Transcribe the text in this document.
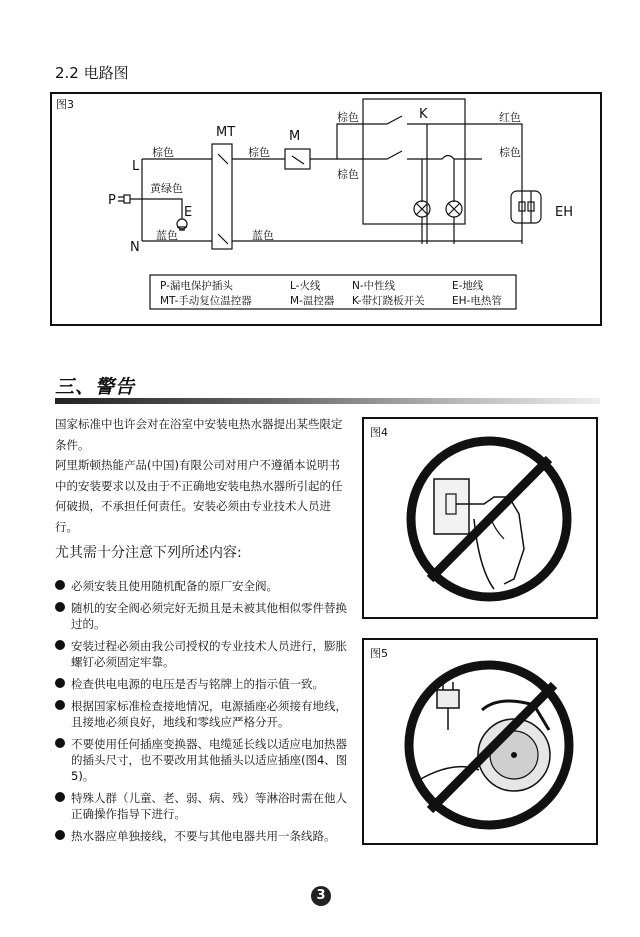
2.2 电路图
图3
MT	M
K
L
P
E
N
EH
棕色	棕色
棕色
棕色
棕色
红色
黄绿色
蓝色	蓝色
P-漏电保护插头	L-火线	N-中性线	E-地线
MT-手动复位温控器	M-温控器 K-带灯跷板开关	EH-电热管
三、警告

国家标准中也许会对在浴室中安装电热水器提出某些限定条件。

阿里斯顿热能产品(中国)有限公司对用户不遵循本说明书中的安装要求以及由于不正确地安装电热水器所引起的任何破损，不承担任何责任。安装必须由专业技术人员进行。

尤其需十分注意下列所述内容:
必须安装且使用随机配备的原厂安全阀。
随机的安全阀必须完好无损且是未被其他相似零件替换过的。
安装过程必须由我公司授权的专业技术人员进行，膨胀螺钉必须固定牢靠。
检查供电电源的电压是否与铭牌上的指示值一致。
根据国家标准检查接地情况，电源插座必须接有地线，且接地必须良好，地线和零线应严格分开。
不要使用任何插座变换器、电缆延长线以适应电加热器的插头尺寸，也不要改用其他插头以适应插座(图4、图5)。
特殊人群（儿童、老、弱、病、残）等淋浴时需在他人正确操作指导下进行。
热水器应单独接线，不要与其他电器共用一条线路。
图4
图5
3
